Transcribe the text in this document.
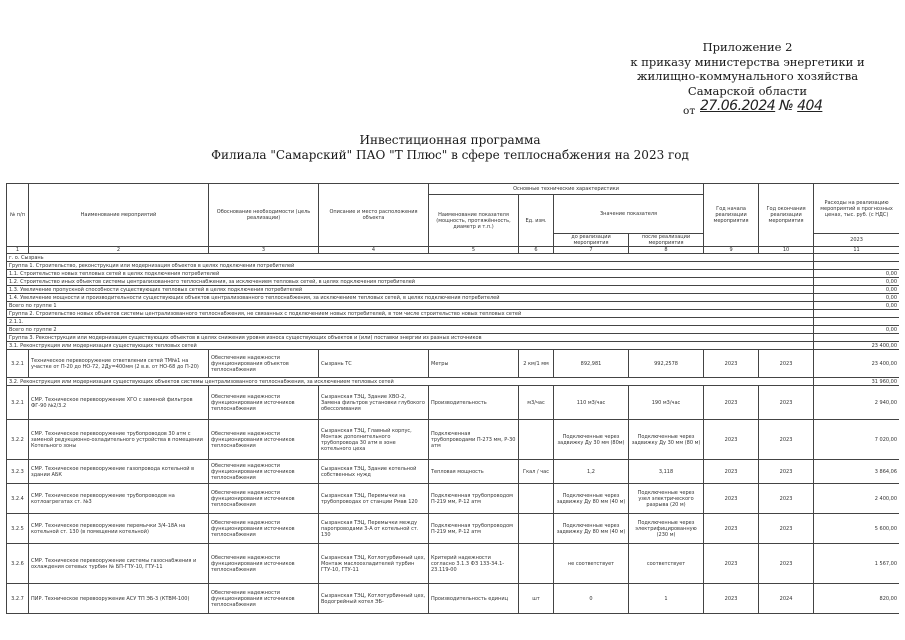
Приложение 2
к приказу министерства энергетики и
жилищно-коммунального хозяйства
Самарской области
от 27.06.2024 № 404
Инвестиционная программа
Филиала "Самарский" ПАО "Т Плюс" в сфере теплоснабжения на 2023 год
№ п/п	Наименование мероприятий	Обоснование необходимости (цель реализации)	Описание и место расположения объекта	Основные технические характеристики				Год начала реализации мероприятия	Год окончания реализации мероприятия	Расходы на реализацию мероприятий в прогнозных ценах, тыс. руб. (с НДС)
				Наименование показателя (мощность, протяжённость, диаметр и т.п.)	Ед. изм.	Значение показателя				
						до реализации мероприятия	после реализации мероприятия			2023
1	2	3	4	5	6	7	8	9	10	11
г. о. Сызрань										
Группа 1. Строительство, реконструкция или модернизация объектов в целях подключения потребителей										
1.1. Строительство новых тепловых сетей в целях подключения потребителей										0,00
1.2. Строительство иных объектов системы централизованного теплоснабжения, за исключением тепловых сетей, в целях подключения потребителей										0,00
1.3. Увеличение пропускной способности существующих тепловых сетей в целях подключения потребителей										0,00
1.4. Увеличение мощности и производительности существующих объектов централизованного теплоснабжения, за исключением тепловых сетей, в целях подключения потребителей										0,00
Всего по группе 1										0,00
Группа 2. Строительство новых объектов системы централизованного теплоснабжения, не связанных с подключением новых потребителей, в том числе строительство новых тепловых сетей										
2.1.1.										
Всего по группе 2										0,00
Группа 3. Реконструкция или модернизация существующих объектов в целях снижения уровня износа существующих объектов и (или) поставки энергии из разных источников										
3.1. Реконструкция или модернизация существующих тепловых сетей										23 400,00
3.2.1	Техническое перевооружение ответвления сетей ТМ№1 на участке от П-20 до НО-72, 2Ду=400мм (2 в.в. от НО-68 до П-20)	Обеспечение надежности функционирования объектов теплоснабжения	Сызрань ТС	Метры	2 км/1 мм	892,981	992,2578	2023	2023	23 400,00
3.2. Реконструкция или модернизация существующих объектов системы централизованного теплоснабжения, за исключением тепловых сетей										31 960,00
3.2.1	СМР. Техническое перевооружение ХГО с заменой фильтров ФГ-90 №2/3.2	Обеспечение надежности функционирования источников теплоснабжения	Сызранская ТЭЦ, Здание ХВО-2, Замена фильтров установки глубокого обессоливания	Производительность	м3/час	110 м3/час	190 м3/час	2023	2023	2 940,00
3.2.2	СМР. Техническое перевооружение трубопроводов 30 атм с заменой редукционно-охладительного устройства в помещении Котельного зоны	Обеспечение надежности функционирования источников теплоснабжения	Сызранская ТЭЦ, Главный корпус, Монтаж дополнительного трубопровода 30 атм в зоне котельного цеха	Подключенная трубопроводами П-273 мм, Р-30 атм		Подключенные через задвижку Ду 30 мм (80м)	Подключенные через задвижку Ду 30 мм (80 м)	2023	2023	7 020,00
3.2.3	СМР. Техническое перевооружение газопровода котельной в здании АБК	Обеспечение надежности функционирования источников теплоснабжения	Сызранская ТЭЦ, Здание котельной собственных нужд	Тепловая мощность	Гкал / час	1,2	3,118	2023	2023	3 864,06
3.2.4	СМР. Техническое перевооружение трубопроводов на котлоагрегатах ст. №3	Обеспечение надежности функционирования источников теплоснабжения	Сызранская ТЭЦ, Перемычки на трубопроводах от станции Рмав 120	Подключенная трубопроводом П-219 мм, Р-12 атм		Подключенные через задвижку Ду 80 мм (40 м)	Подключенные через узел электрического разрыва (20 м)	2023	2023	2 400,00
3.2.5	СМР. Техническое перевооружение перемычки 3/4-18А на котельной ст. 130 (в помещении котельной)	Обеспечение надежности функционирования источников теплоснабжения	Сызранская ТЭЦ, Перемычки между паропроводами 3-А от котельной ст. 130	Подключенная трубопроводом П-219 мм, Р-12 атм		Подключенные через задвижку Ду 80 мм (40 м)	Подключенные через электрифицированную (230 м)	2023	2023	5 600,00
3.2.6	СМР. Техническое перевооружение системы газоснабжения и охлаждения сетевых турбин № БП-ГТУ-10, ГТУ-11	Обеспечение надежности функционирования источников теплоснабжения	Сызранская ТЭЦ, Котлотурбинный цех, Монтаж маслоохладителей турбин ГТУ-10, ГТУ-11	Критерий надежности согласно 3.1.3 ФЗ 133-34.1-23.119-00		не соответствует	соответствует	2023	2023	1 567,00
3.2.7	ПИР. Техническое перевооружение АСУ ТП ЭБ-3 (КТВМ-100)	Обеспечение надежности функционирования источников теплоснабжения	Сызранская ТЭЦ, Котлотурбинный цех, Водогрейный котел ЭБ-	Производительность единиц	шт	0	1	2023	2024	820,00
